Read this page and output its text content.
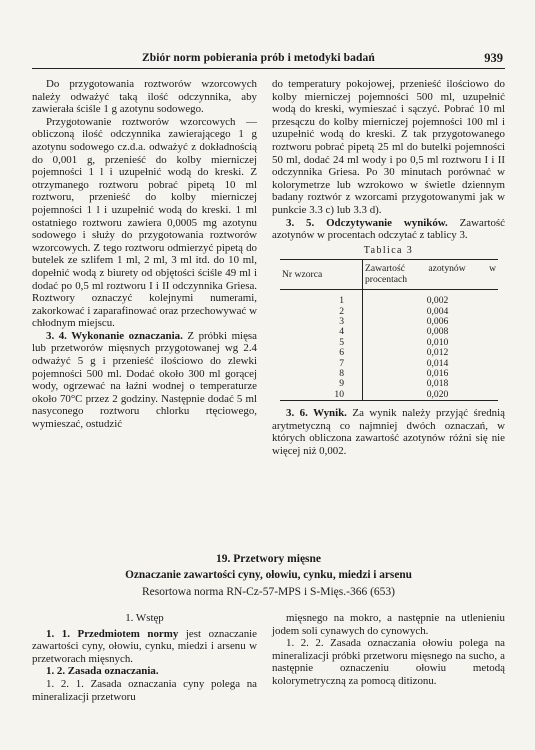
Zbiór norm pobierania prób i metodyki badań	939

Do przygotowania roztworów wzorcowych należy odważyć taką ilość odczynnika, aby zawierała ściśle 1 g azotynu sodowego.

Przygotowanie roztworów wzorcowych — obliczoną ilość odczynnika zawierającego 1 g azotynu sodowego cz.d.a. odważyć z dokładnością do 0,001 g, przenieść do kolby mierniczej pojemności 1 l i uzupełnić wodą do kreski. Z otrzymanego roztworu pobrać pipetą 10 ml roztworu, przenieść do kolby mierniczej pojemności 1 l i uzupełnić wodą do kreski. 1 ml ostatniego roztworu zawiera 0,0005 mg azotynu sodowego i służy do przygotowania roztworów wzorcowych. Z tego roztworu odmierzyć pipetą do butelek ze szlifem 1 ml, 2 ml, 3 ml itd. do 10 ml, dopełnić wodą z biurety od objętości ściśle 49 ml i dodać po 0,5 ml roztworu I i II odczynnika Griesa. Roztwory oznaczyć kolejnymi numerami, zakorkować i zaparafinować oraz przechowywać w chłodnym miejscu.

3. 4. Wykonanie oznaczania. Z próbki mięsa lub przetworów mięsnych przygotowanej wg 2.4 odważyć 5 g i przenieść ilościowo do zlewki pojemności 500 ml. Dodać około 300 ml gorącej wody, ogrzewać na łaźni wodnej o temperaturze około 70°C przez 2 godziny. Następnie dodać 5 ml nasyconego roztworu chlorku rtęciowego, wymieszać, ostudzić

do temperatury pokojowej, przenieść ilościowo do kolby mierniczej pojemności 500 ml, uzupełnić wodą do kreski, wymieszać i sączyć. Pobrać 10 ml przesączu do kolby mierniczej pojemności 100 ml i uzupełnić wodą do kreski. Z tak przygotowanego roztworu pobrać pipetą 25 ml do butelki pojemności 50 ml, dodać 24 ml wody i po 0,5 ml roztworu I i II odczynnika Griesa. Po 30 minutach porównać w kolorymetrze lub wzrokowo w świetle dziennym badany roztwór z wzorcami przygotowanymi jak w punkcie 3.3 c) lub 3.3 d).

3. 5. Odczytywanie wyników. Zawartość azotynów w procentach odczytać z tablicy 3.

Tablica 3
Nr wzorca	Zawartość azotynów w procentach
1	0,002
2	0,004
3	0,006
4	0,008
5	0,010
6	0,012
7	0,014
8	0,016
9	0,018
10	0,020

3. 6. Wynik. Za wynik należy przyjąć średnią arytmetyczną co najmniej dwóch oznaczań, w których obliczona zawartość azotynów różni się nie więcej niż 0,002.

19. Przetwory mięsne
Oznaczanie zawartości cyny, ołowiu, cynku, miedzi i arsenu
Resortowa norma RN-Cz-57-MPS i S-Mięs.-366 (653)

1. Wstęp

1. 1. Przedmiotem normy jest oznaczanie zawartości cyny, ołowiu, cynku, miedzi i arsenu w przetworach mięsnych.

1. 2. Zasada oznaczania.

1. 2. 1. Zasada oznaczania cyny polega na mineralizacji przetworu

mięsnego na mokro, a następnie na utlenieniu jodem soli cynawych do cynowych.

1. 2. 2. Zasada oznaczania ołowiu polega na mineralizacji próbki przetworu mięsnego na sucho, a następnie oznaczeniu ołowiu metodą kolorymetryczną za pomocą ditizonu.
